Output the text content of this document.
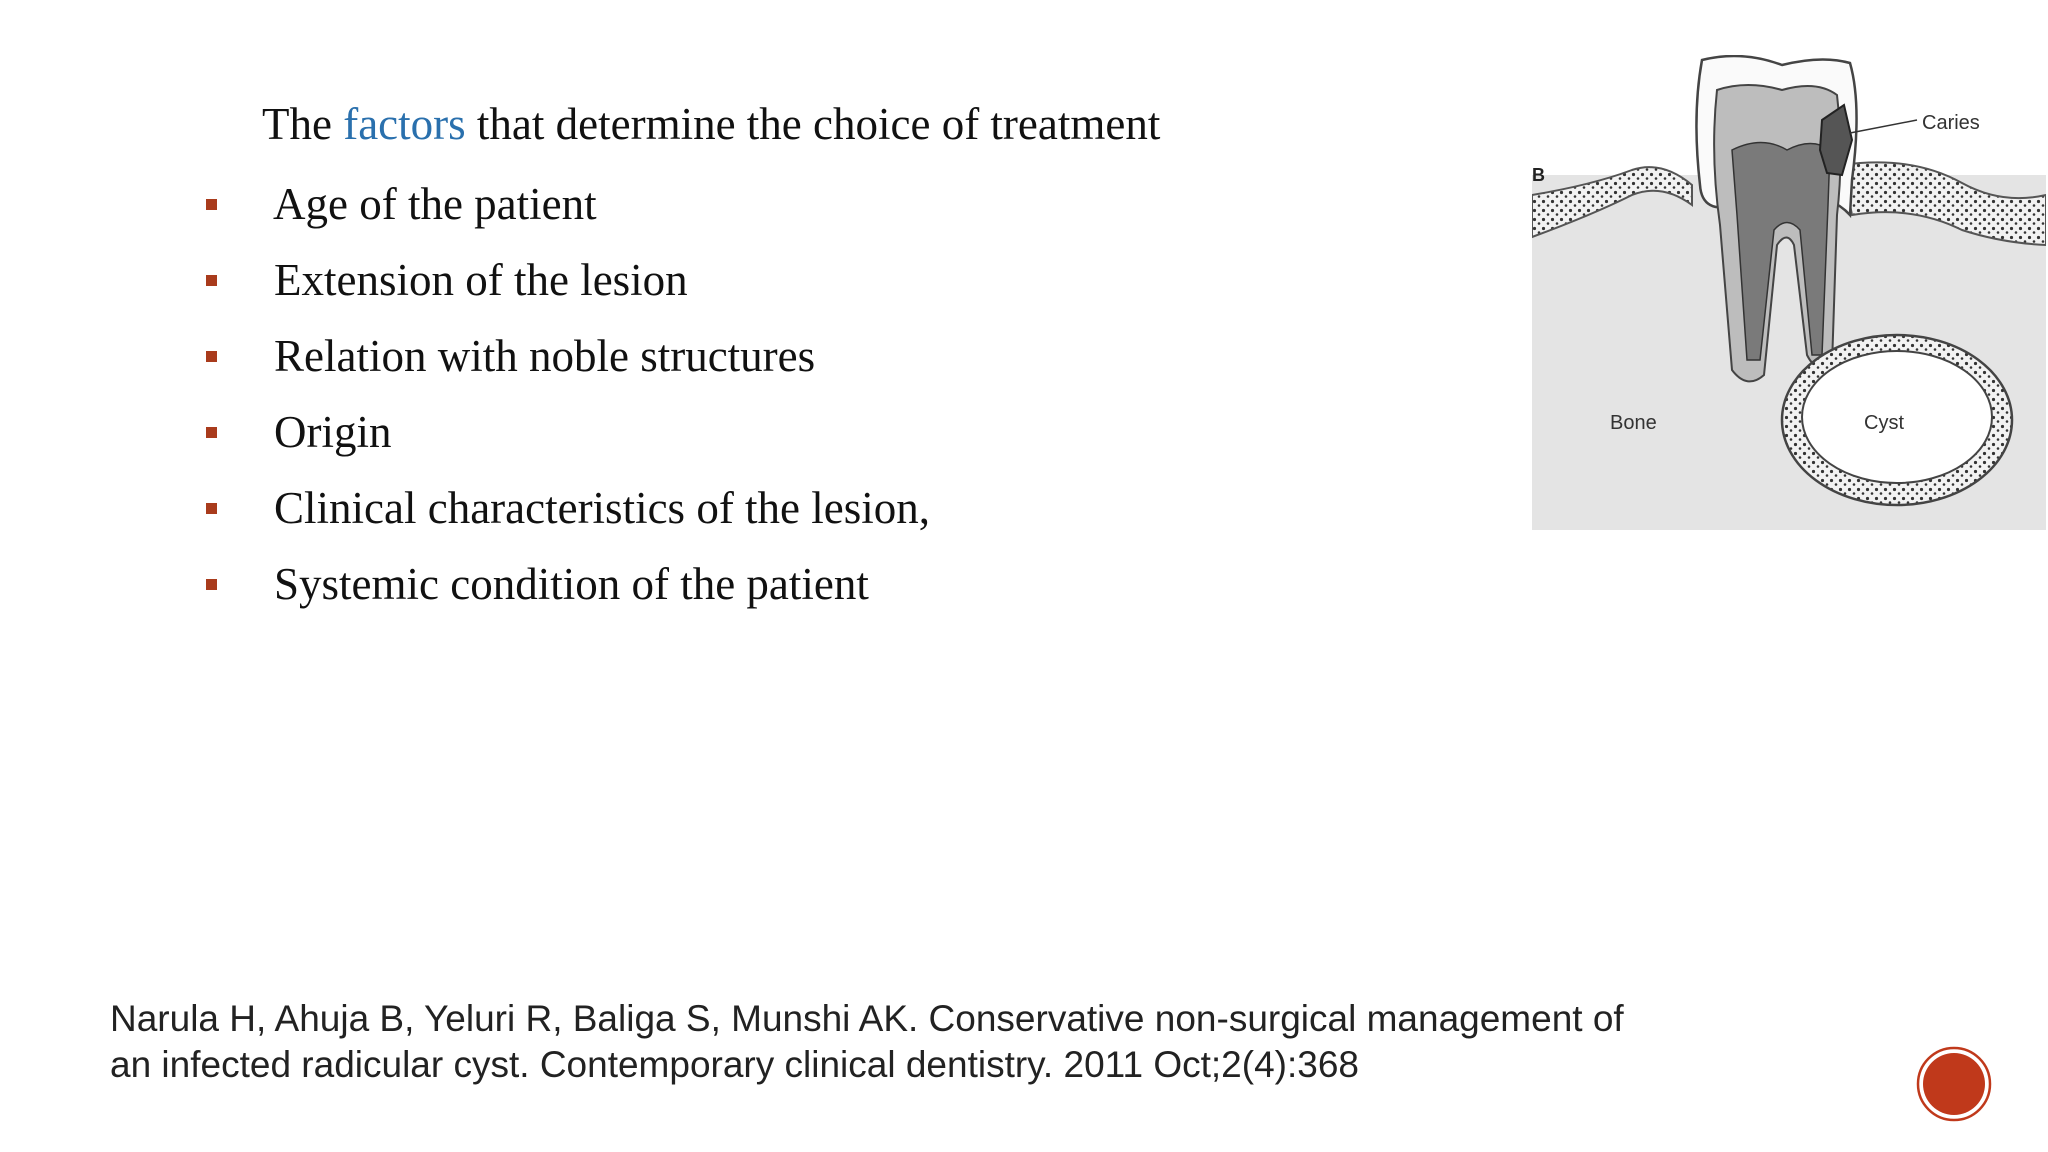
The factors that determine the choice of treatment
Age of the patient
Extension of the lesion
Relation with noble structures
Origin
Clinical characteristics of the lesion,
Systemic condition of the patient
B
Caries
Bone	Cyst
Narula H, Ahuja B, Yeluri R, Baliga S, Munshi AK. Conservative non-surgical management of
an infected radicular cyst. Contemporary clinical dentistry. 2011 Oct;2(4):368
